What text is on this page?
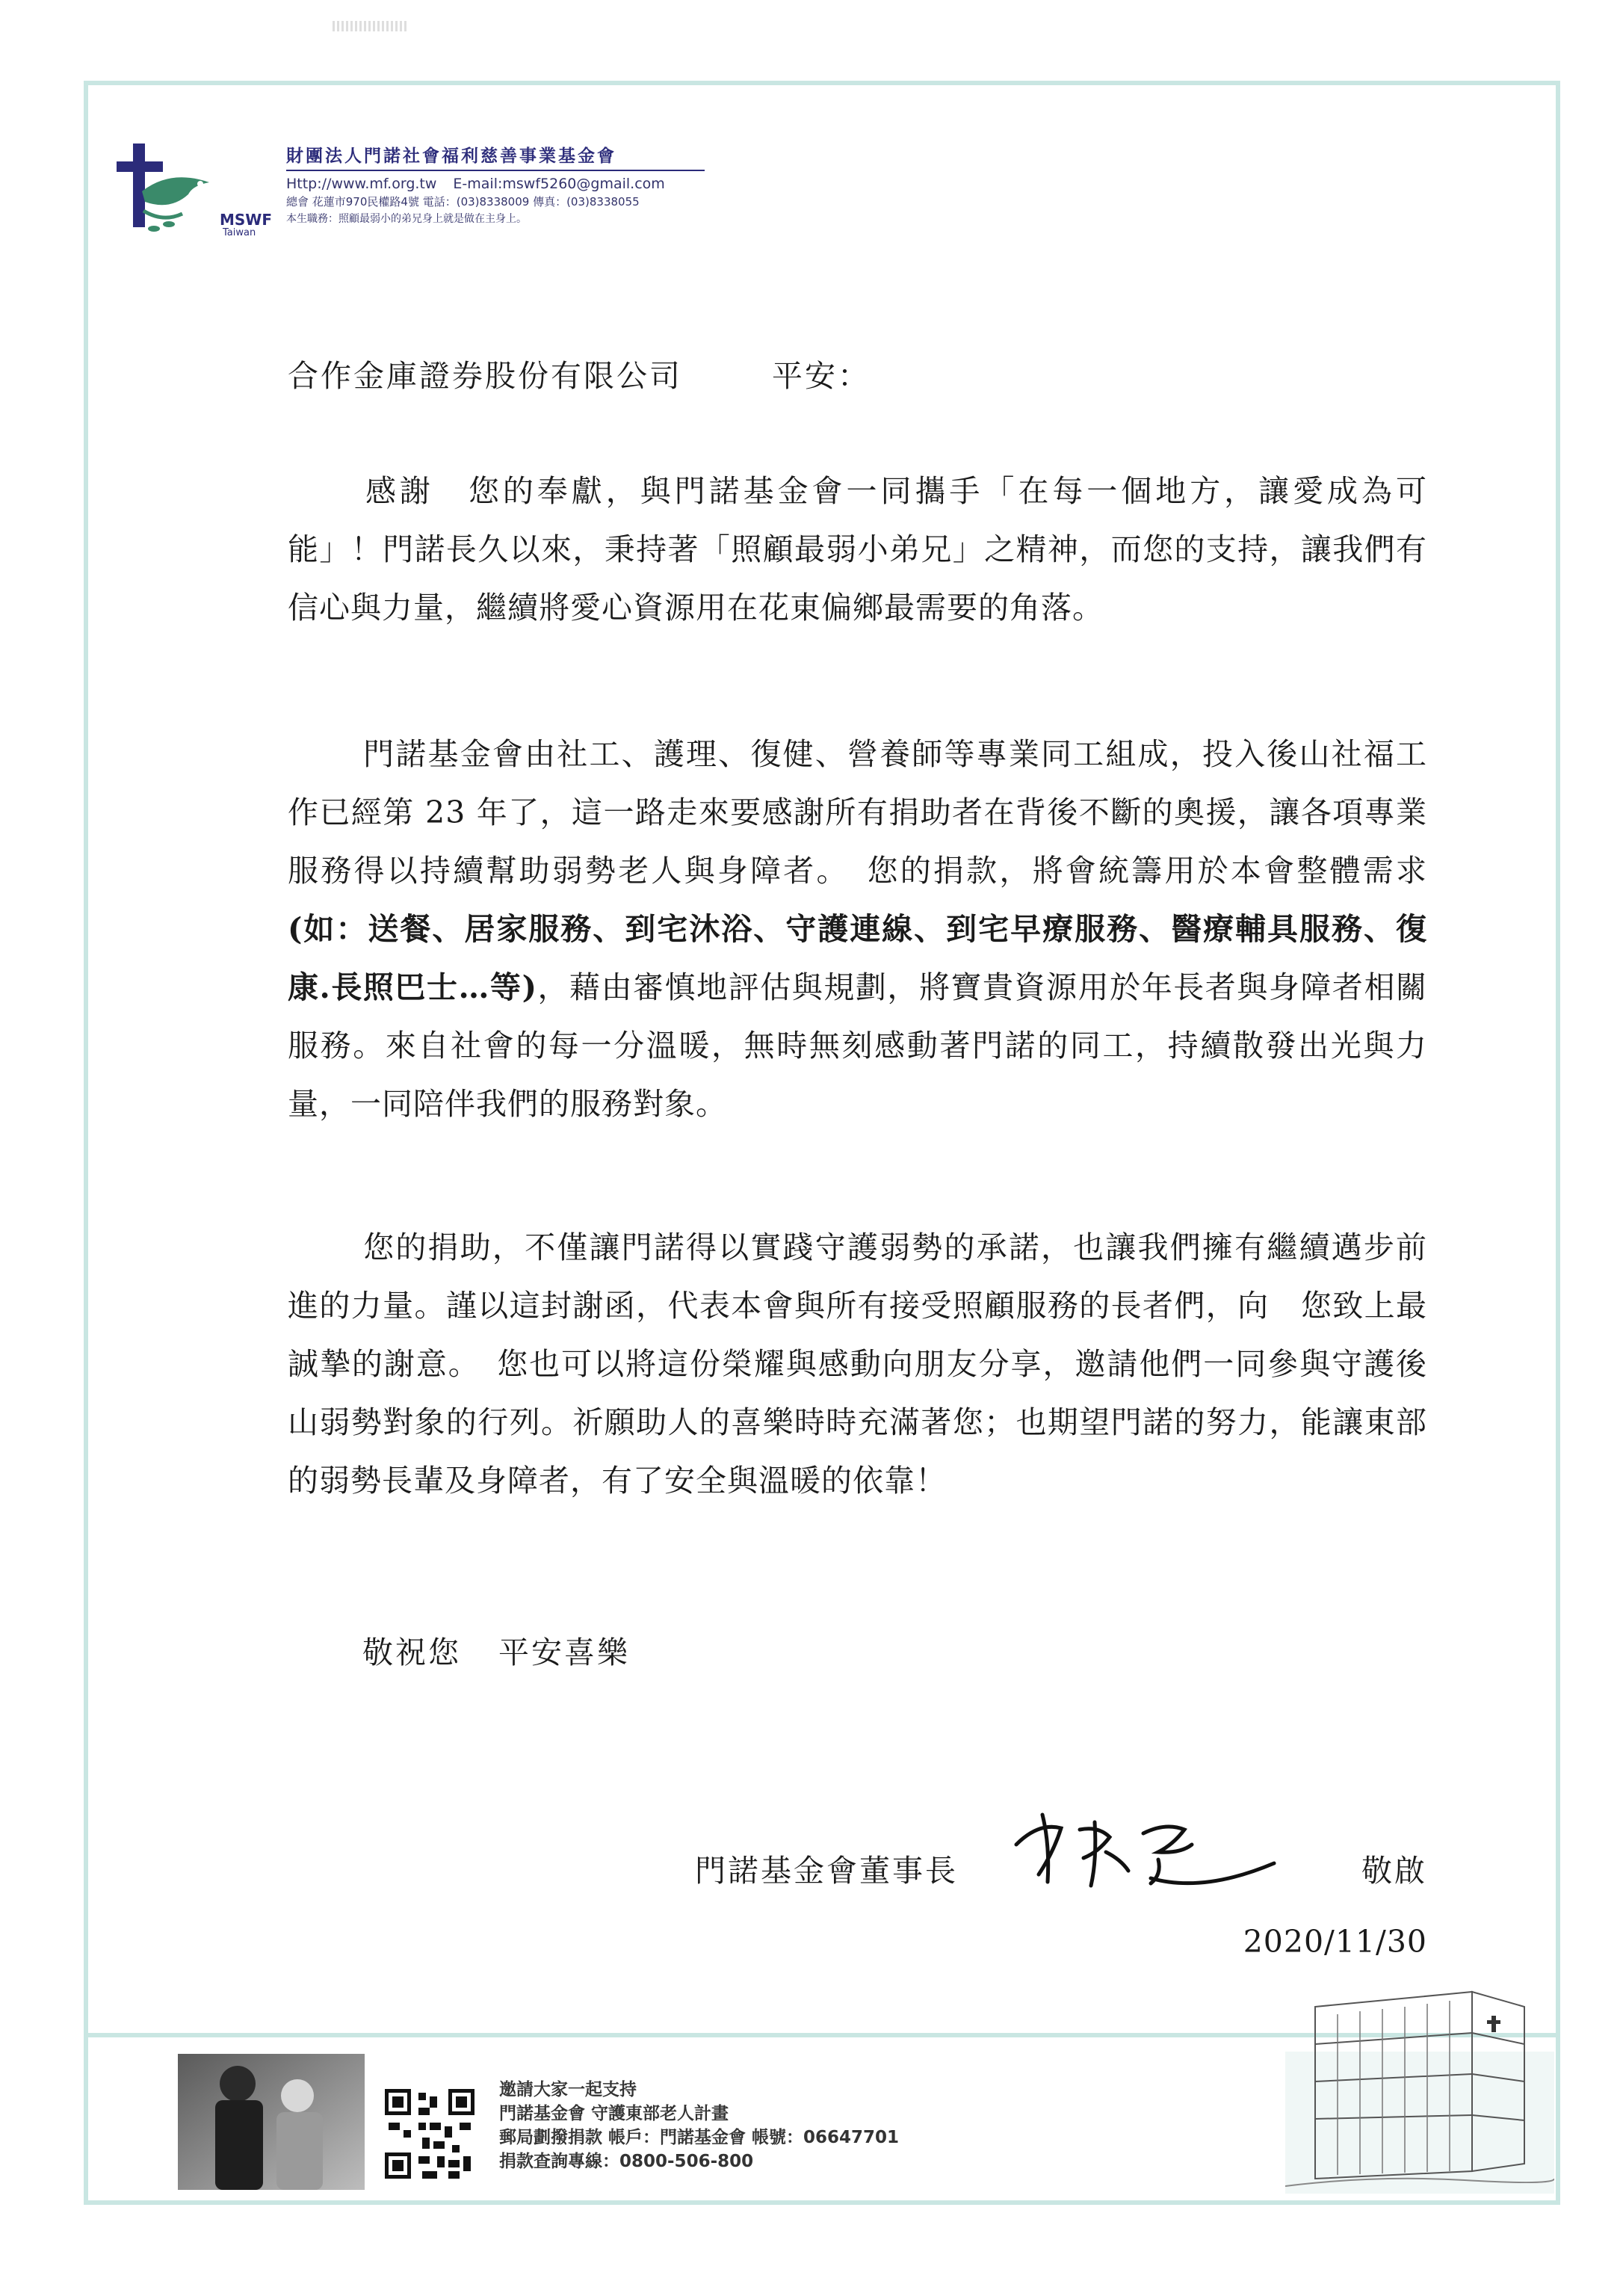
MSWF
Taiwan
財團法人門諾社會福利慈善事業基金會
Http://www.mf.org.tw E-mail:mswf5260@gmail.com
總會 花蓮市970民權路4號 電話：(03)8338009 傳真：(03)8338055
本生職務：照顧最弱小的弟兄身上就是做在主身上。
合作金庫證券股份有限公司	平安：

感謝　您的奉獻，與門諾基金會一同攜手「在每一個地方，讓愛成為可能」！門諾長久以來，秉持著「照顧最弱小弟兄」之精神，而您的支持，讓我們有信心與力量，繼續將愛心資源用在花東偏鄉最需要的角落。

門諾基金會由社工、護理、復健、營養師等專業同工組成，投入後山社福工作已經第 23 年了，這一路走來要感謝所有捐助者在背後不斷的奧援，讓各項專業服務得以持續幫助弱勢老人與身障者。　您的捐款，將會統籌用於本會整體需求(如：送餐、居家服務、到宅沐浴、守護連線、到宅早療服務、醫療輔具服務、復康.長照巴士…等)，藉由審慎地評估與規劃，將寶貴資源用於年長者與身障者相關服務。來自社會的每一分溫暖，無時無刻感動著門諾的同工，持續散發出光與力量，一同陪伴我們的服務對象。

您的捐助，不僅讓門諾得以實踐守護弱勢的承諾，也讓我們擁有繼續邁步前進的力量。謹以這封謝函，代表本會與所有接受照顧服務的長者們，向　您致上最誠摯的謝意。　您也可以將這份榮耀與感動向朋友分享，邀請他們一同參與守護後山弱勢對象的行列。祈願助人的喜樂時時充滿著您；也期望門諾的努力，能讓東部的弱勢長輩及身障者，有了安全與溫暖的依靠！

敬祝您 平安喜樂
門諾基金會董事長	敬啟
2020/11/30
邀請大家一起支持
門諾基金會 守護東部老人計畫
郵局劃撥捐款 帳戶：門諾基金會 帳號：06647701
捐款查詢專線：0800-506-800
